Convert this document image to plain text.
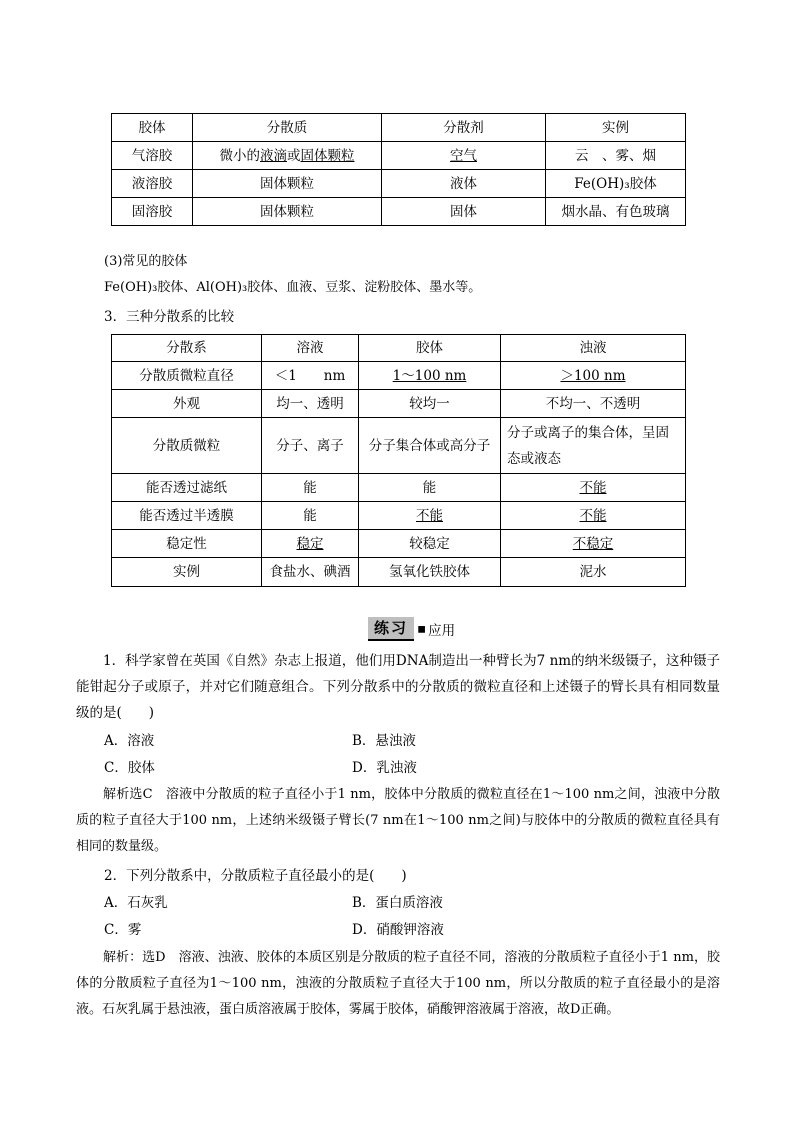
胶体	分散质	分散剂	实例
气溶胶	微小的液滴或固体颗粒	空气	云　、雾、烟
液溶胶	固体颗粒	液体	Fe(OH)₃胶体
固溶胶	固体颗粒	固体	烟水晶、有色玻璃
(3)常见的胶体
Fe(OH)₃胶体、Al(OH)₃胶体、血液、豆浆、淀粉胶体、墨水等。
3．三种分散系的比较
分散系	溶液	胶体	浊液
分散质微粒直径	＜1　　nm	1～100 nm	＞100 nm
外观	均一、透明	较均一	不均一、不透明
分散质微粒	分子、离子	分子集合体或高分子	分子或离子的集合体，呈固态或液态
能否透过滤纸	能	能	不能
能否透过半透膜	能	不能	不能
稳定性	稳定	较稳定	不稳定
实例	食盐水、碘酒	氢氧化铁胶体	泥水
练习 ▪ 应用
1．科学家曾在英国《自然》杂志上报道，他们用DNA制造出一种臂长为7 nm的纳米级镊子，这种镊子能钳起分子或原子，并对它们随意组合。下列分散系中的分散质的微粒直径和上述镊子的臂长具有相同数量级的是(　　)
A．溶液	B．悬浊液
C．胶体	D．乳浊液
解析选C　溶液中分散质的粒子直径小于1 nm，胶体中分散质的微粒直径在1～100 nm之间，浊液中分散质的粒子直径大于100 nm，上述纳米级镊子臂长(7 nm在1～100 nm之间)与胶体中的分散质的微粒直径具有相同的数量级。
2．下列分散系中，分散质粒子直径最小的是(　　)
A．石灰乳	B．蛋白质溶液
C．雾	D．硝酸钾溶液
解析：选D　溶液、浊液、胶体的本质区别是分散质的粒子直径不同，溶液的分散质粒子直径小于1 nm，胶体的分散质粒子直径为1～100 nm，浊液的分散质粒子直径大于100 nm，所以分散质的粒子直径最小的是溶液。石灰乳属于悬浊液，蛋白质溶液属于胶体，雾属于胶体，硝酸钾溶液属于溶液，故D正确。
